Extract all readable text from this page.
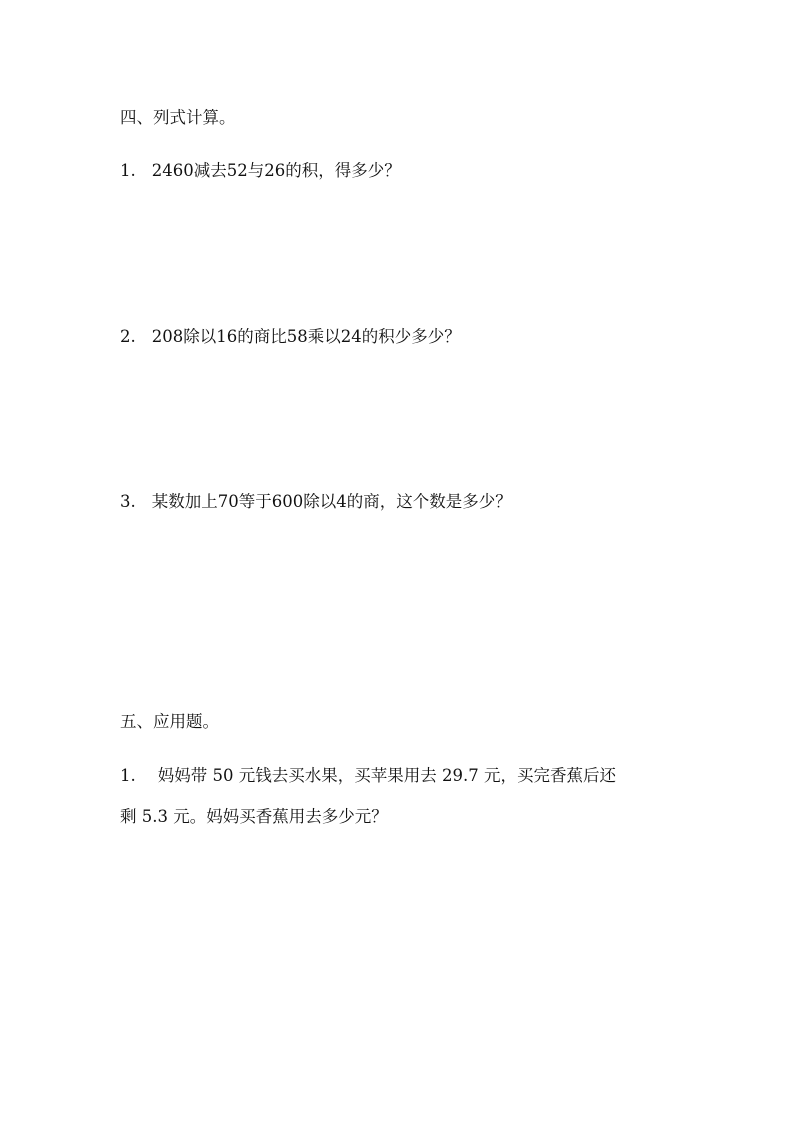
四、列式计算。
1. 2460减去52与26的积，得多少？
2. 208除以16的商比58乘以24的积少多少？
3. 某数加上70等于600除以4的商，这个数是多少？
五、应用题。
1. 妈妈带 50 元钱去买水果，买苹果用去 29.7 元，买完香蕉后还
剩 5.3 元。妈妈买香蕉用去多少元？
